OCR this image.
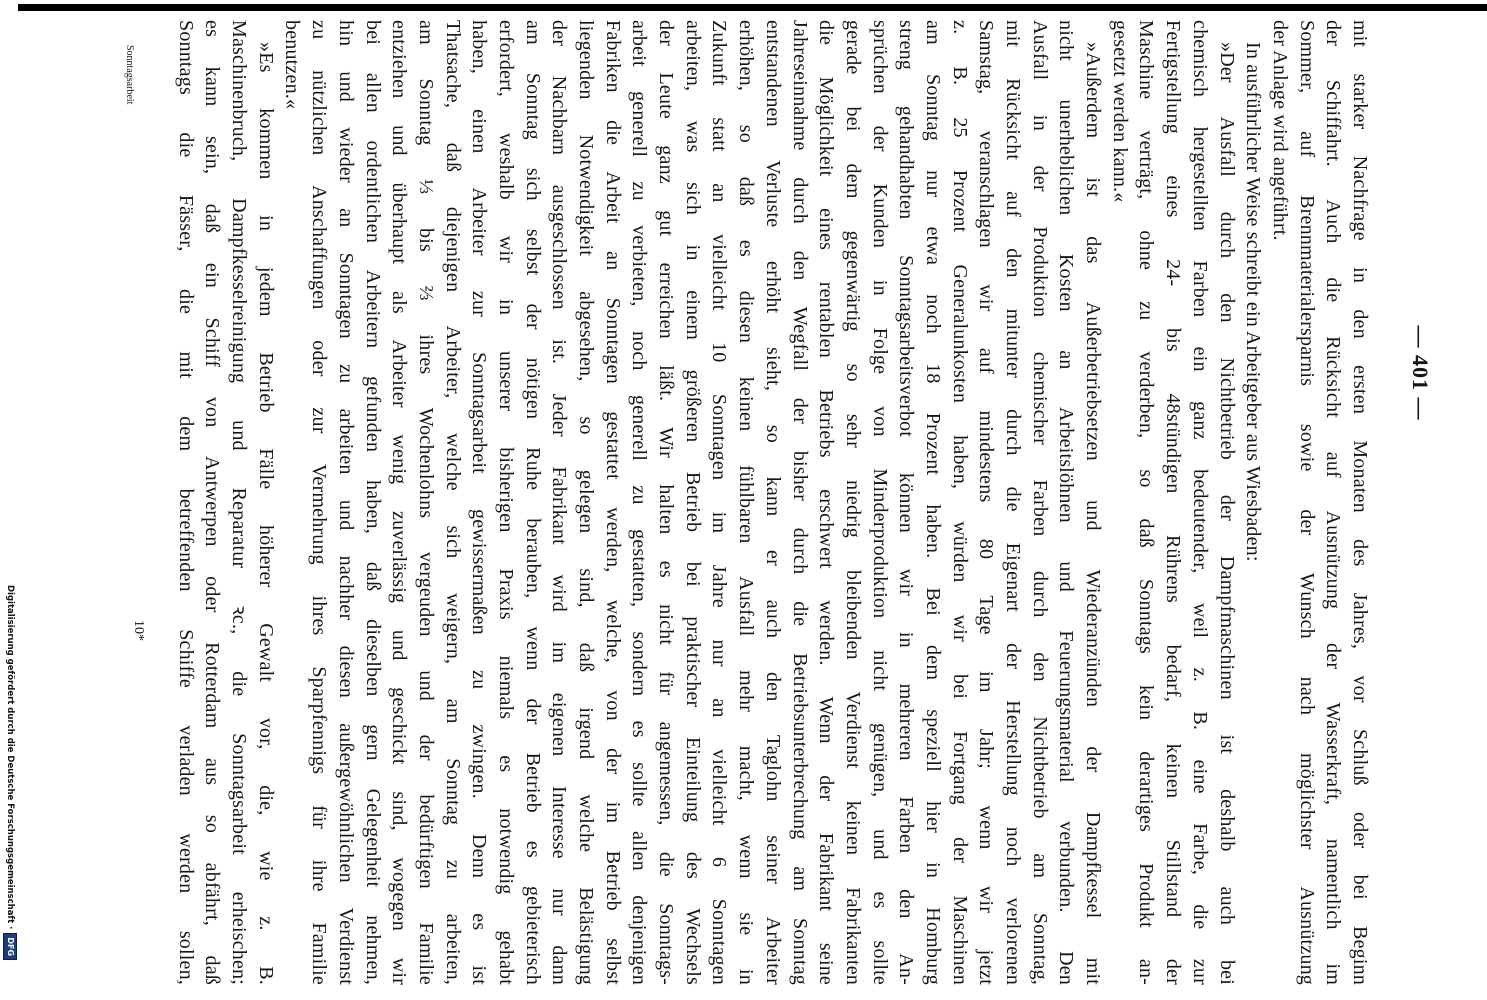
— 401 —
mit starker Nachfrage in den ersten Monaten des Jahres, vor Schluß oder bei Beginn
der Schiffahrt. Auch die Rücksicht auf Ausnützung der Wasserkraft, namentlich im
Sommer, auf Brennmaterialersparnis sowie der Wunsch nach möglichster Ausnützung
der Anlage wird angeführt.
In ausführlicher Weise schreibt ein Arbeitgeber aus Wiesbaden:
»Der Ausfall durch den Nichtbetrieb der Dampfmaschinen ist deshalb auch bei
chemisch hergestellten Farben ein ganz bedeutender, weil z. B. eine Farbe, die zur
Fertigstellung eines 24- bis 48stündigen Rührens bedarf, keinen Stillstand der
Maschine verträgt, ohne zu verderben, so daß Sonntags kein derartiges Produkt an-
gesetzt werden kann.«
»Außerdem ist das Außerbetriebsetzen und Wiederanzünden der Dampfkessel mit
nicht unerheblichen Kosten an Arbeitslöhnen und Feuerungsmaterial verbunden. Den
Ausfall in der Produktion chemischer Farben durch den Nichtbetrieb am Sonntag,
mit Rücksicht auf den mitunter durch die Eigenart der Herstellung noch verlorenen
Samstag, veranschlagen wir auf mindestens 80 Tage im Jahr; wenn wir jetzt
z. B. 25 Prozent Generalunkosten haben, würden wir bei Fortgang der Maschinen
am Sonntag nur etwa noch 18 Prozent haben. Bei dem speziell hier in Homburg
streng gehandhabten Sonntagsarbeitsverbot können wir in mehreren Farben den An-
sprüchen der Kunden in Folge von Minderproduktion nicht genügen, und es sollte
gerade bei dem gegenwärtig so sehr niedrig bleibenden Verdienst keinen Fabrikanten
die Möglichkeit eines rentablen Betriebs erschwert werden. Wenn der Fabrikant seine
Jahreseinnahme durch den Wegfall der bisher durch die Betriebsunterbrechung am Sonntag
entstandenen Verluste erhöht sieht, so kann er auch den Taglohn seiner Arbeiter
erhöhen, so daß es diesen keinen fühlbaren Ausfall mehr macht, wenn sie in
Zukunft statt an vielleicht 10 Sonntagen im Jahre nur an vielleicht 6 Sonntagen
arbeiten, was sich in einem größeren Betrieb bei praktischer Einteilung des Wechsels
der Leute ganz gut erreichen läßt. Wir halten es nicht für angemessen, die Sonntags-
arbeit generell zu verbieten, noch generell zu gestatten, sondern es sollte allen denjenigen
Fabriken die Arbeit an Sonntagen gestattet werden, welche, von der im Betrieb selbst
liegenden Notwendigkeit abgesehen, so gelegen sind, daß irgend welche Belästigung
der Nachbarn ausgeschlossen ist. Jeder Fabrikant wird im eigenen Interesse nur dann
am Sonntag sich selbst der nötigen Ruhe berauben, wenn der Betrieb es gebieterisch
erfordert, weshalb wir in unserer bisherigen Praxis niemals es notwendig gehabt
haben, einen Arbeiter zur Sonntagsarbeit gewissermaßen zu zwingen. Denn es ist
Thatsache, daß diejenigen Arbeiter, welche sich weigern, am Sonntag zu arbeiten,
am Sonntag ⅓ bis ⅔ ihres Wochenlohns vergeuden und der bedürftigen Familie
entziehen und überhaupt als Arbeiter wenig zuverlässig und geschickt sind, wogegen wir
bei allen ordentlichen Arbeitern gefunden haben, daß dieselben gern Gelegenheit nehmen,
hin und wieder an Sonntagen zu arbeiten und nachher diesen außergewöhnlichen Verdienst
zu nützlichen Anschaffungen oder zur Vermehrung ihres Sparpfennigs für ihre Familie
benutzen.«
»Es kommen in jedem Betrieb Fälle höherer Gewalt vor, die, wie z. B.
Maschinenbruch, Dampfkesselreinigung und Reparatur ꝛc., die Sonntagsarbeit erheischen;
es kann sein, daß ein Schiff von Antwerpen oder Rotterdam aus so abfährt, daß
Sonntags die Fässer, die mit dem betreffenden Schiffe verladen werden sollen,
Sonntagsarbeit
10*
Digitalisierung gefördert durch die Deutsche Forschungsgemeinschaft ·
DFG
